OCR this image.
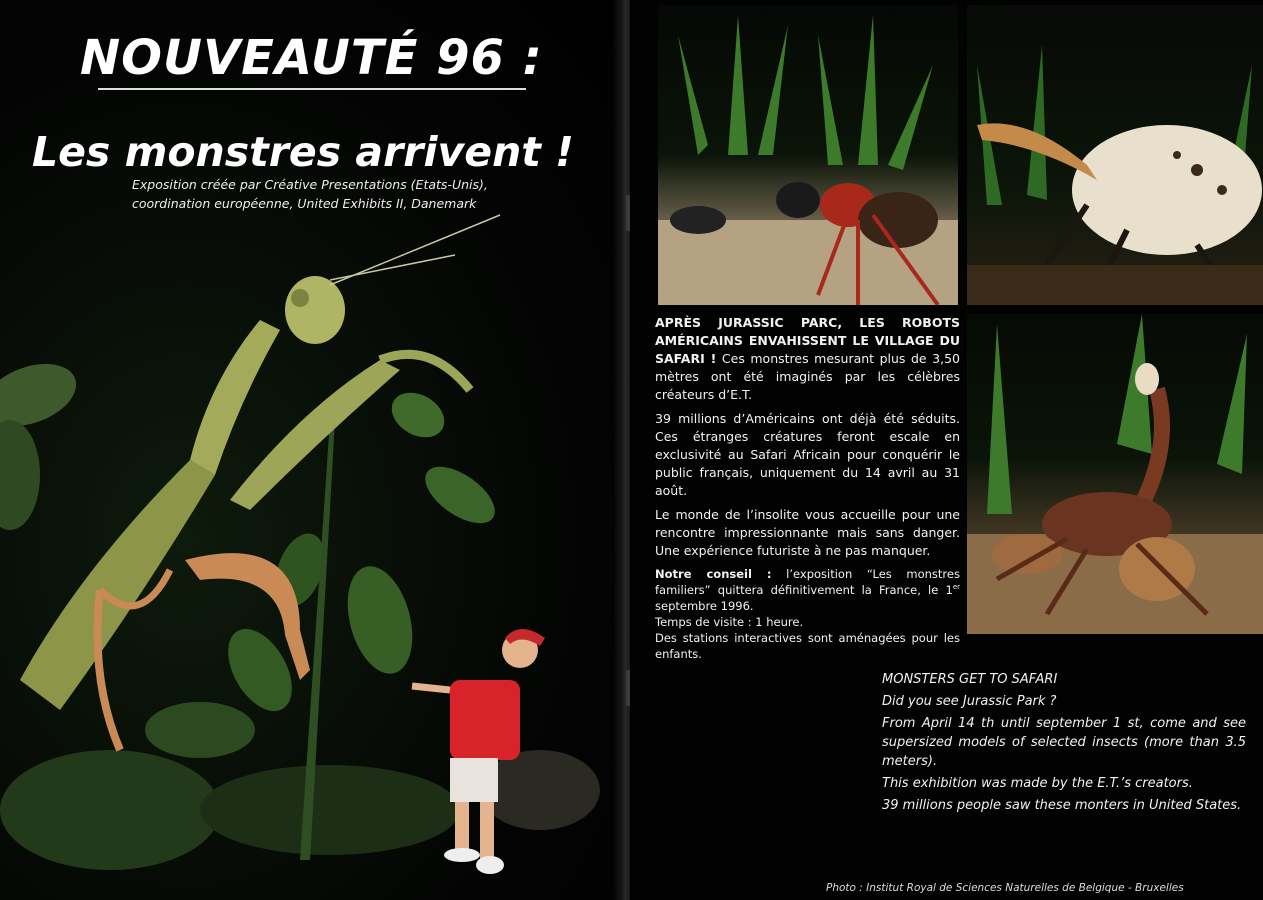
NOUVEAUTÉ 96 :
Les monstres arrivent !
Exposition créée par Créative Presentations (Etats-Unis),
coordination européenne, United Exhibits II, Danemark

APRÈS JURASSIC PARC, LES ROBOTS AMÉRICAINS ENVAHISSENT LE VILLAGE DU SAFARI ! Ces monstres mesurant plus de 3,50 mètres ont été imaginés par les célèbres créateurs d’E.T.

39 millions d’Américains ont déjà été séduits. Ces étranges créatures feront escale en exclusivité au Safari Africain pour conquérir le public français, uniquement du 14 avril au 31 août.

Le monde de l’insolite vous accueille pour une rencontre impressionnante mais sans danger. Une expérience futuriste à ne pas manquer.

Notre conseil : l’exposition “Les monstres familiers” quittera définitivement la France, le 1er septembre 1996.

Temps de visite : 1 heure.

Des stations interactives sont aménagées pour les enfants.

MONSTERS GET TO SAFARI

Did you see Jurassic Park ?

From April 14 th until september 1 st, come and see supersized models of selected insects (more than 3.5 meters).

This exhibition was made by the E.T.’s creators.

39 millions people saw these monters in United States.

Photo : Institut Royal de Sciences Naturelles de Belgique - Bruxelles
